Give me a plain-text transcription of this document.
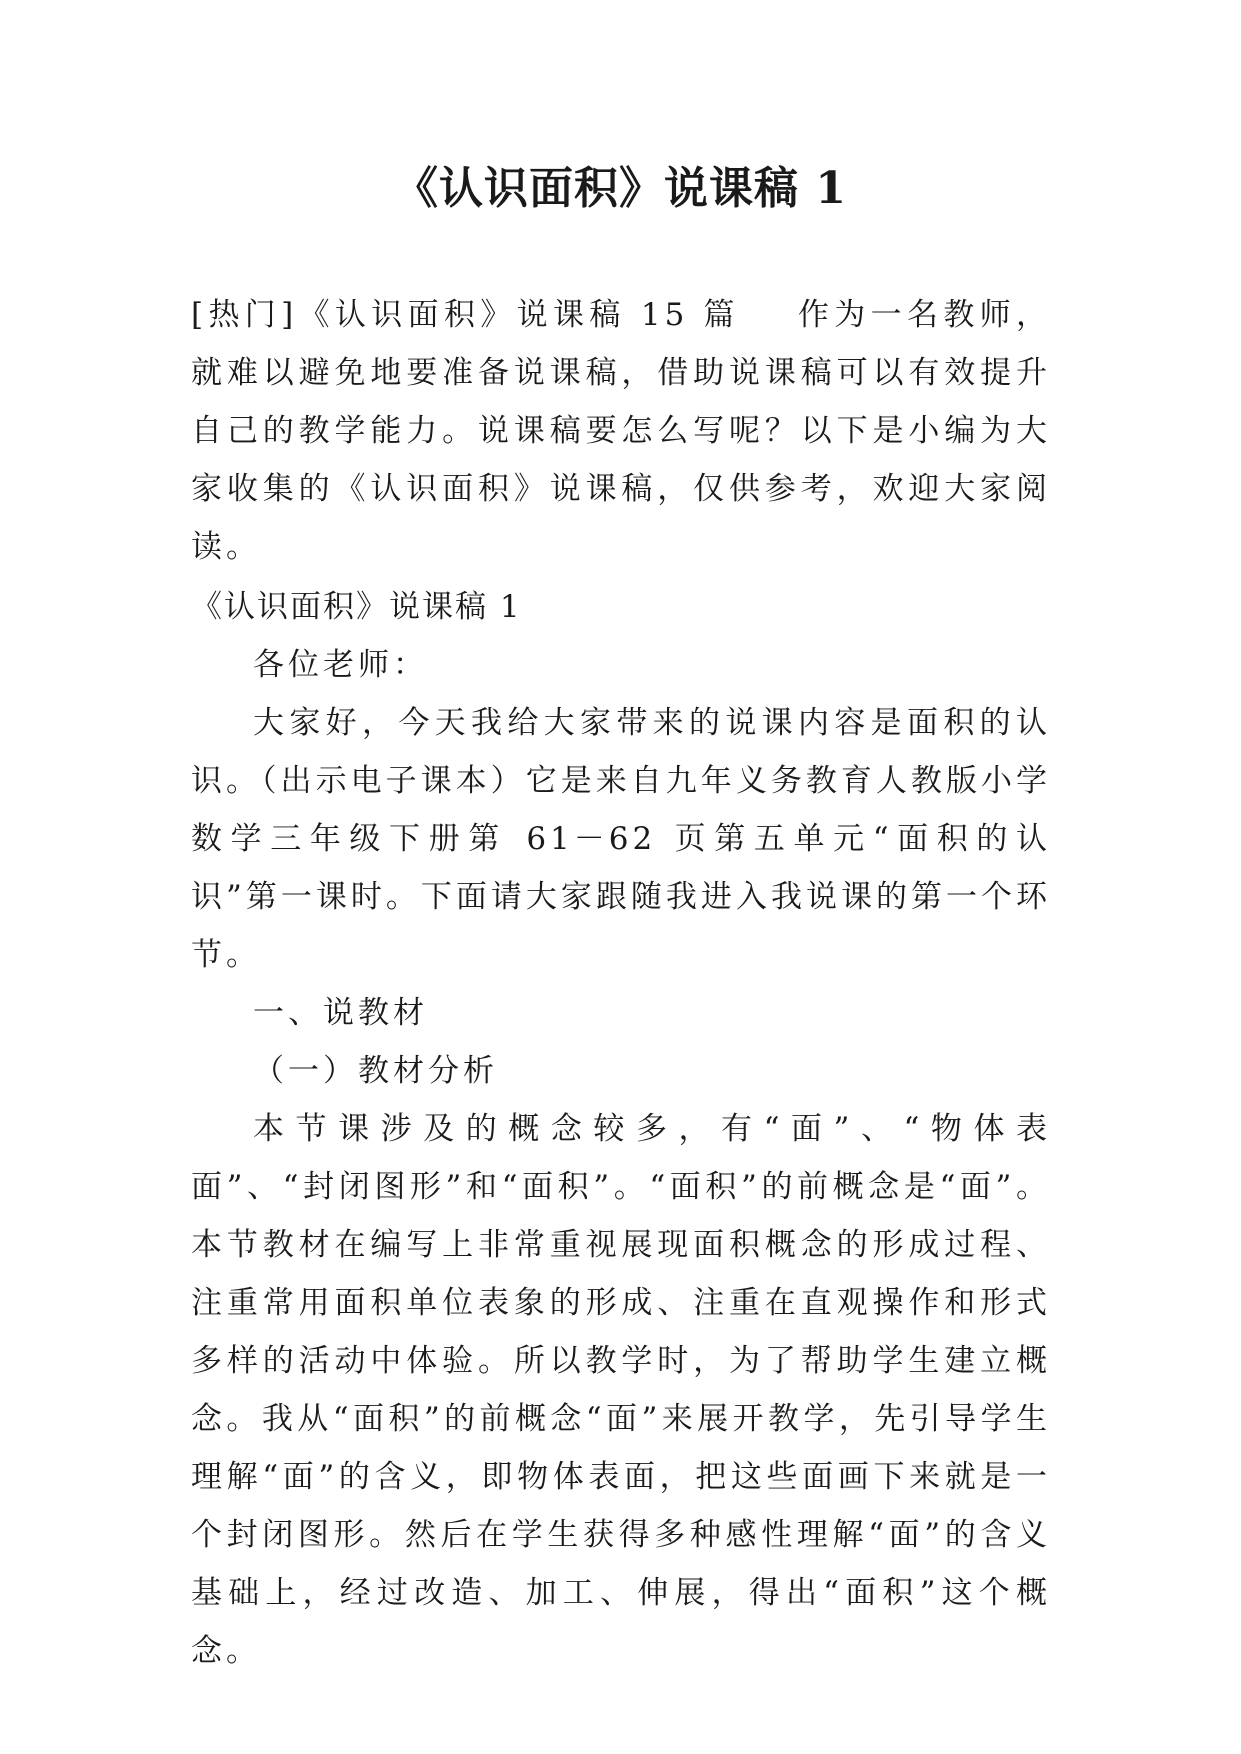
《认识面积》说课稿 1

[热门]《认识面积》说课稿 15 篇 作为一名教师，就难以避免地要准备说课稿，借助说课稿可以有效提升自己的教学能力。说课稿要怎么写呢？以下是小编为大家收集的《认识面积》说课稿，仅供参考，欢迎大家阅读。

《认识面积》说课稿 1

各位老师：

大家好，今天我给大家带来的说课内容是面积的认识。（出示电子课本）它是来自九年义务教育人教版小学数学三年级下册第 61－62 页第五单元“面积的认识”第一课时。下面请大家跟随我进入我说课的第一个环节。

一、说教材

（一）教材分析

本节课涉及的概念较多，有“面”、“物体表面”、“封闭图形”和“面积”。“面积”的前概念是“面”。本节教材在编写上非常重视展现面积概念的形成过程、注重常用面积单位表象的形成、注重在直观操作和形式多样的活动中体验。所以教学时，为了帮助学生建立概念。我从“面积”的前概念“面”来展开教学，先引导学生理解“面”的含义，即物体表面，把这些面画下来就是一个封闭图形。然后在学生获得多种感性理解“面”的含义基础上，经过改造、加工、伸展，得出“面积”这个概念。
